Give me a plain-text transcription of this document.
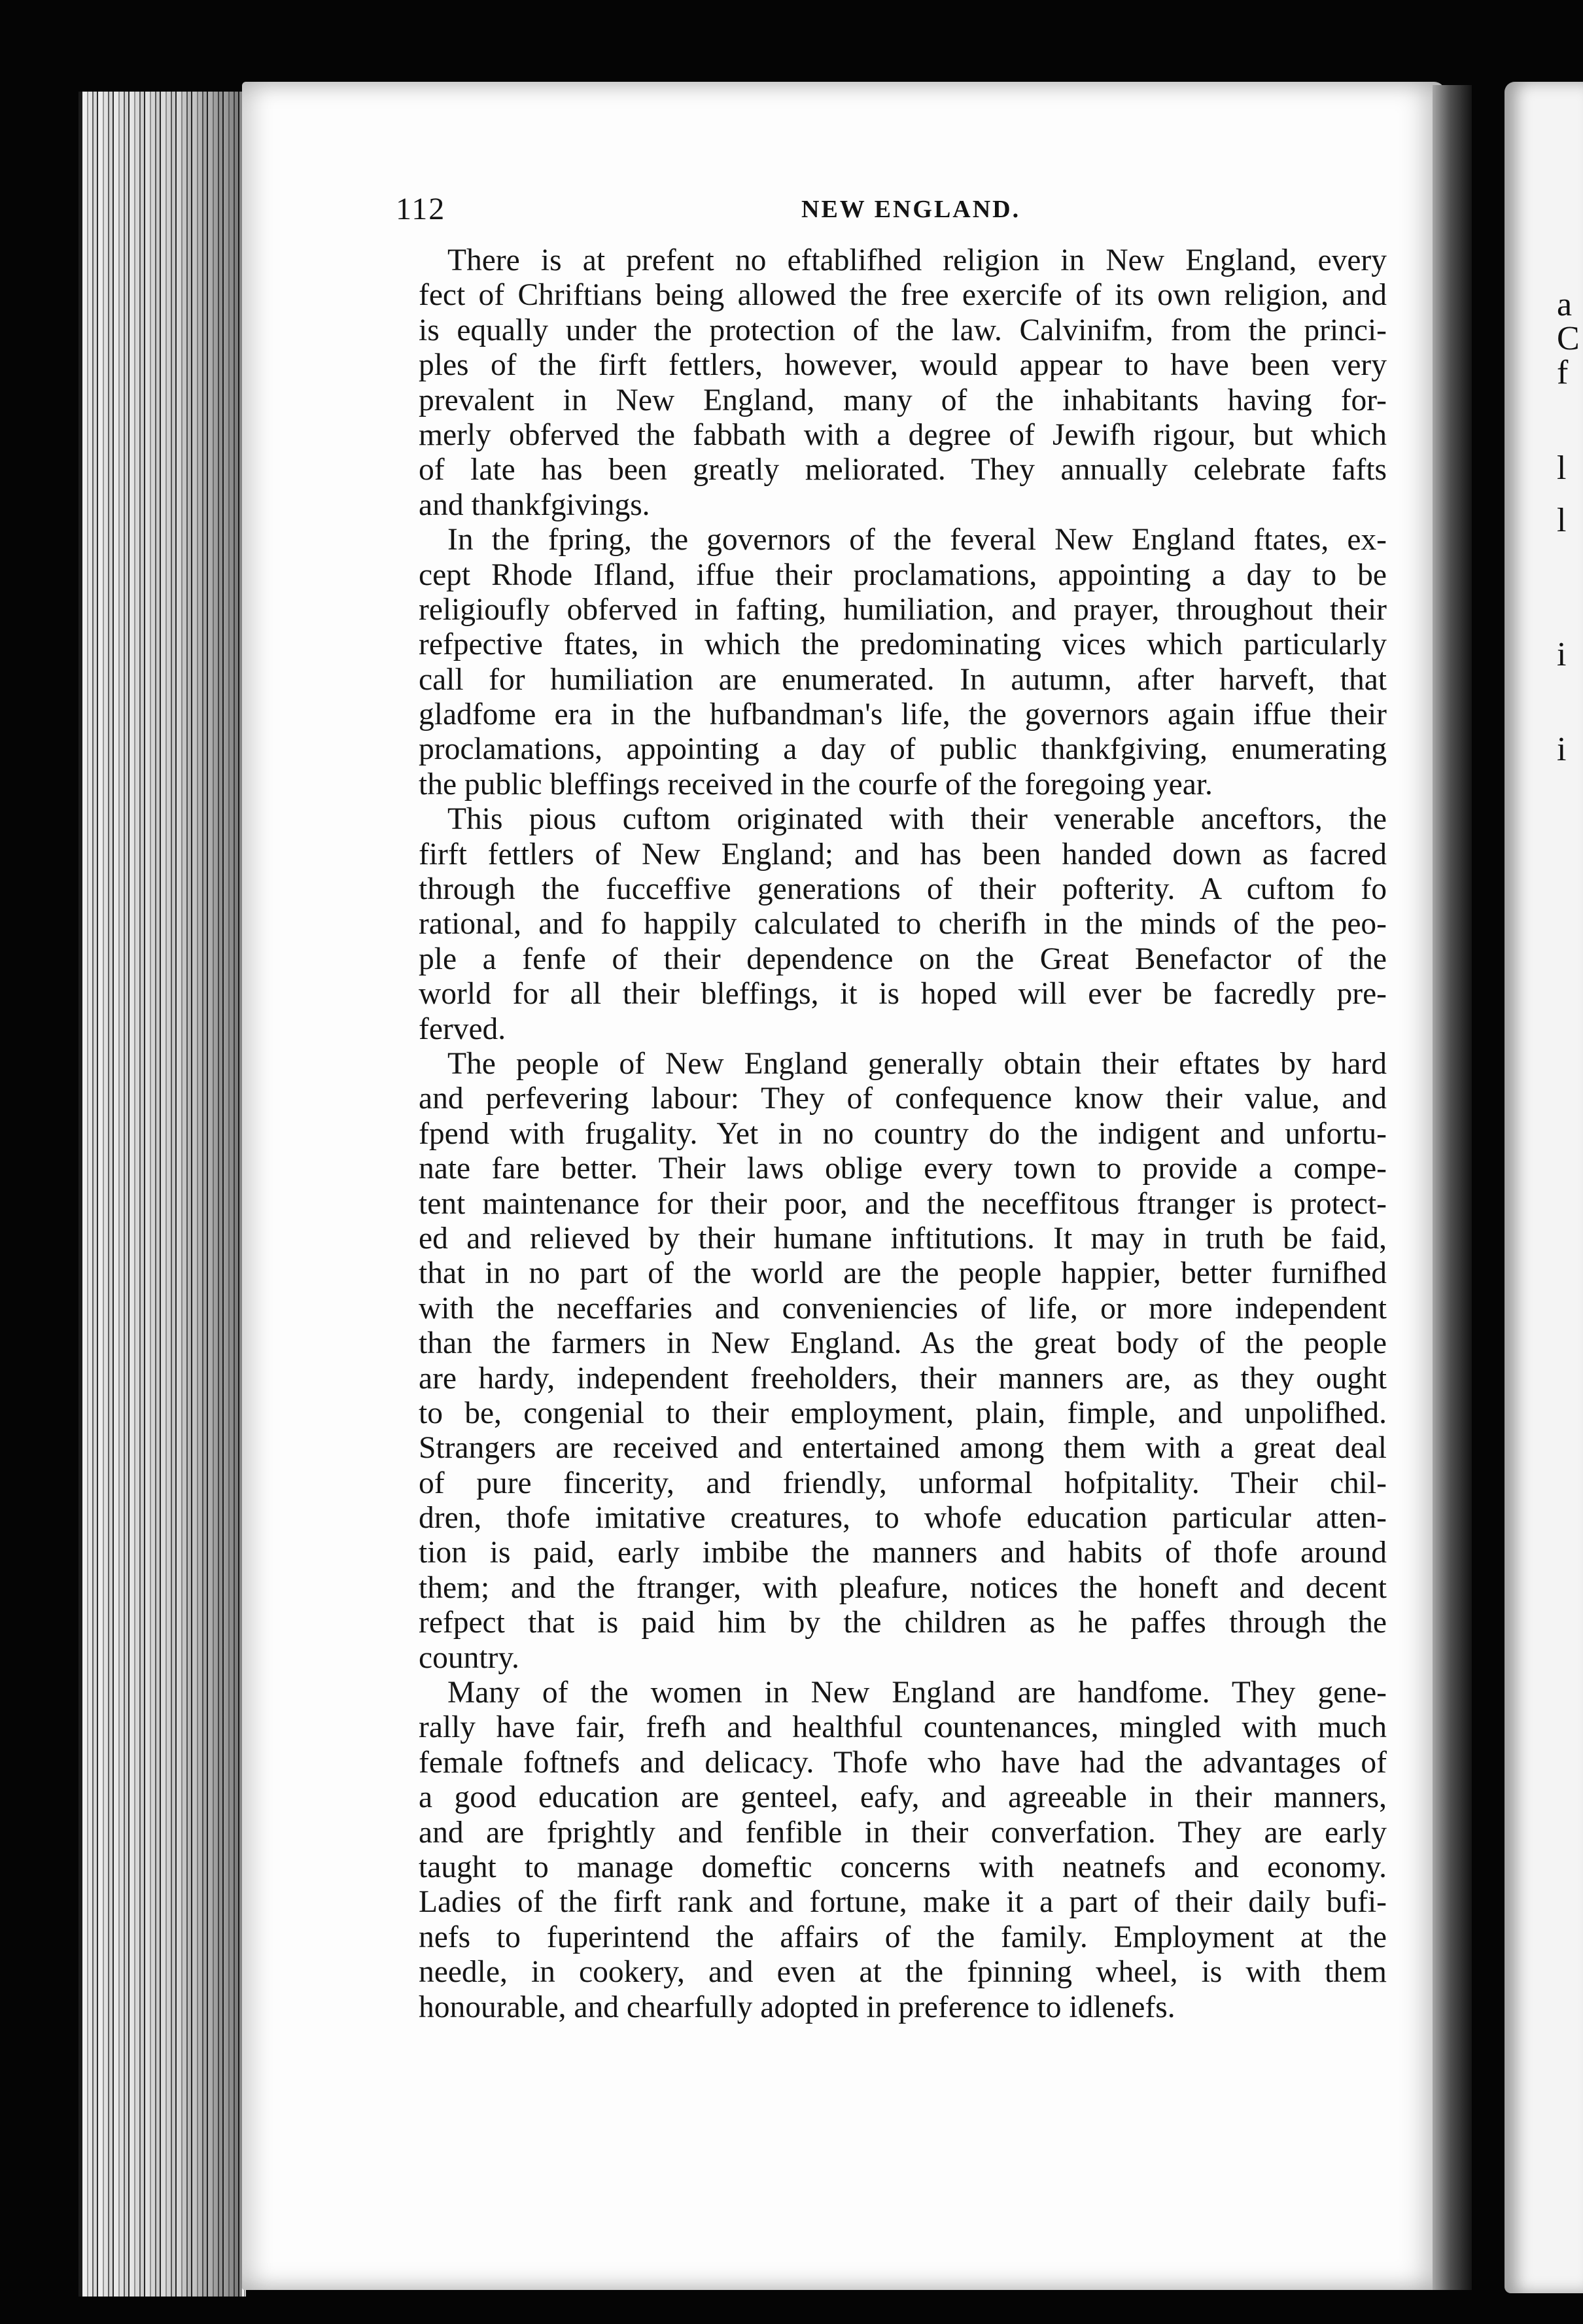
a
C
f
l
l
i
i
112	NEW ENGLAND.
There is at prefent no eftablifhed religion in New England, every
fect of Chriftians being allowed the free exercife of its own religion, and
is equally under the protection of the law. Calvinifm, from the princi-
ples of the firft fettlers, however, would appear to have been very
prevalent in New England, many of the inhabitants having for-
merly obferved the fabbath with a degree of Jewifh rigour, but which
of late has been greatly meliorated. They annually celebrate fafts
and thankfgivings.
In the fpring, the governors of the feveral New England ftates, ex-
cept Rhode Ifland, iffue their proclamations, appointing a day to be
religioufly obferved in fafting, humiliation, and prayer, throughout their
refpective ftates, in which the predominating vices which particularly
call for humiliation are enumerated. In autumn, after harveft, that
gladfome era in the hufbandman's life, the governors again iffue their
proclamations, appointing a day of public thankfgiving, enumerating
the public bleffings received in the courfe of the foregoing year.
This pious cuftom originated with their venerable anceftors, the
firft fettlers of New England; and has been handed down as facred
through the fucceffive generations of their pofterity. A cuftom fo
rational, and fo happily calculated to cherifh in the minds of the peo-
ple a fenfe of their dependence on the Great Benefactor of the
world for all their bleffings, it is hoped will ever be facredly pre-
ferved.
The people of New England generally obtain their eftates by hard
and perfevering labour: They of confequence know their value, and
fpend with frugality. Yet in no country do the indigent and unfortu-
nate fare better. Their laws oblige every town to provide a compe-
tent maintenance for their poor, and the neceffitous ftranger is protect-
ed and relieved by their humane inftitutions. It may in truth be faid,
that in no part of the world are the people happier, better furnifhed
with the neceffaries and conveniencies of life, or more independent
than the farmers in New England. As the great body of the people
are hardy, independent freeholders, their manners are, as they ought
to be, congenial to their employment, plain, fimple, and unpolifhed.
Strangers are received and entertained among them with a great deal
of pure fincerity, and friendly, unformal hofpitality. Their chil-
dren, thofe imitative creatures, to whofe education particular atten-
tion is paid, early imbibe the manners and habits of thofe around
them; and the ftranger, with pleafure, notices the honeft and decent
refpect that is paid him by the children as he paffes through the
country.
Many of the women in New England are handfome. They gene-
rally have fair, frefh and healthful countenances, mingled with much
female foftnefs and delicacy. Thofe who have had the advantages of
a good education are genteel, eafy, and agreeable in their manners,
and are fprightly and fenfible in their converfation. They are early
taught to manage domeftic concerns with neatnefs and economy.
Ladies of the firft rank and fortune, make it a part of their daily bufi-
nefs to fuperintend the affairs of the family. Employment at the
needle, in cookery, and even at the fpinning wheel, is with them
honourable, and chearfully adopted in preference to idlenefs.
